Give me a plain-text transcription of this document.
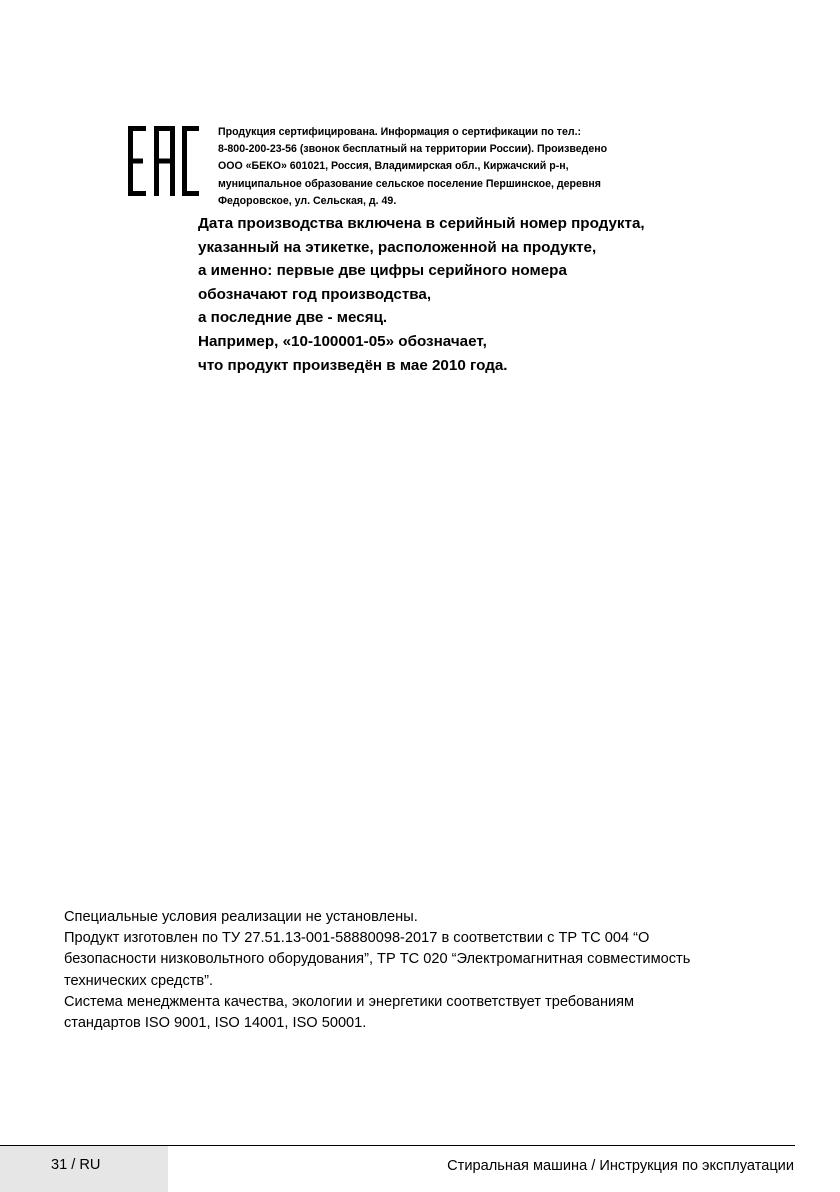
Продукция сертифицирована. Информация о сертификации по тел.:
8-800-200-23-56 (звонок бесплатный на территории России). Произведено
ООО «БЕКО» 601021, Россия, Владимирская обл., Киржачский р-н,
муниципальное образование сельское поселение Першинское, деревня
Федоровское, ул. Сельская, д. 49.
Дата производства включена в серийный номер продукта,
указанный на этикетке, расположенной на продукте,
а именно: первые две цифры серийного номера
обозначают год производства,
а последние две - месяц.
Например, «10-100001-05» обозначает,
что продукт произведён в мае 2010 года.
Специальные условия реализации не установлены.
Продукт изготовлен по ТУ 27.51.13-001-58880098-2017 в соответствии с ТР ТС 004 “О
безопасности низковольтного оборудования”, ТР ТС 020 “Электромагнитная совместимость
технических средств”.
Система менеджмента качества, экологии и энергетики соответствует требованиям
стандартов ISO 9001, ISO 14001, ISO 50001.
31 / RU	Стиральная машина / Инструкция по эксплуатации
